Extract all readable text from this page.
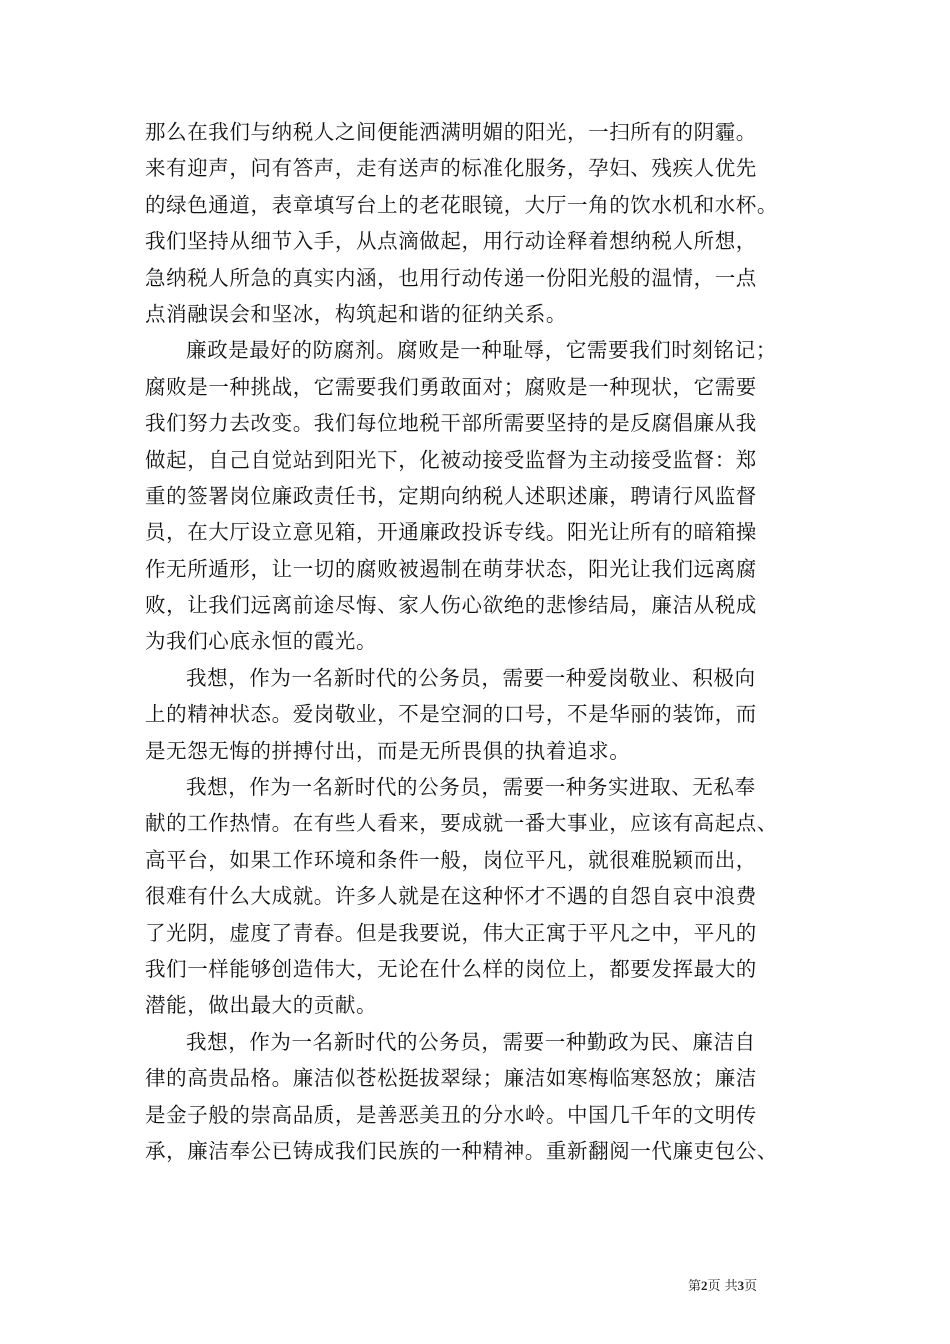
那么在我们与纳税人之间便能洒满明媚的阳光，一扫所有的阴霾。
来有迎声，问有答声，走有送声的标准化服务，孕妇、残疾人优先
的绿色通道，表章填写台上的老花眼镜，大厅一角的饮水机和水杯。
我们坚持从细节入手，从点滴做起，用行动诠释着想纳税人所想，
急纳税人所急的真实内涵，也用行动传递一份阳光般的温情，一点
点消融误会和坚冰，构筑起和谐的征纳关系。
廉政是最好的防腐剂。腐败是一种耻辱，它需要我们时刻铭记；
腐败是一种挑战，它需要我们勇敢面对；腐败是一种现状，它需要
我们努力去改变。我们每位地税干部所需要坚持的是反腐倡廉从我
做起，自己自觉站到阳光下，化被动接受监督为主动接受监督：郑
重的签署岗位廉政责任书，定期向纳税人述职述廉，聘请行风监督
员，在大厅设立意见箱，开通廉政投诉专线。阳光让所有的暗箱操
作无所遁形，让一切的腐败被遏制在萌芽状态，阳光让我们远离腐
败，让我们远离前途尽悔、家人伤心欲绝的悲惨结局，廉洁从税成
为我们心底永恒的霞光。
我想，作为一名新时代的公务员，需要一种爱岗敬业、积极向
上的精神状态。爱岗敬业，不是空洞的口号，不是华丽的装饰，而
是无怨无悔的拼搏付出，而是无所畏俱的执着追求。
我想，作为一名新时代的公务员，需要一种务实进取、无私奉
献的工作热情。在有些人看来，要成就一番大事业，应该有高起点、
高平台，如果工作环境和条件一般，岗位平凡，就很难脱颖而出，
很难有什么大成就。许多人就是在这种怀才不遇的自怨自哀中浪费
了光阴，虚度了青春。但是我要说，伟大正寓于平凡之中，平凡的
我们一样能够创造伟大，无论在什么样的岗位上，都要发挥最大的
潜能，做出最大的贡献。
我想，作为一名新时代的公务员，需要一种勤政为民、廉洁自
律的高贵品格。廉洁似苍松挺拔翠绿；廉洁如寒梅临寒怒放；廉洁
是金子般的崇高品质，是善恶美丑的分水岭。中国几千年的文明传
承，廉洁奉公已铸成我们民族的一种精神。重新翻阅一代廉吏包公、
第2页 共3页
